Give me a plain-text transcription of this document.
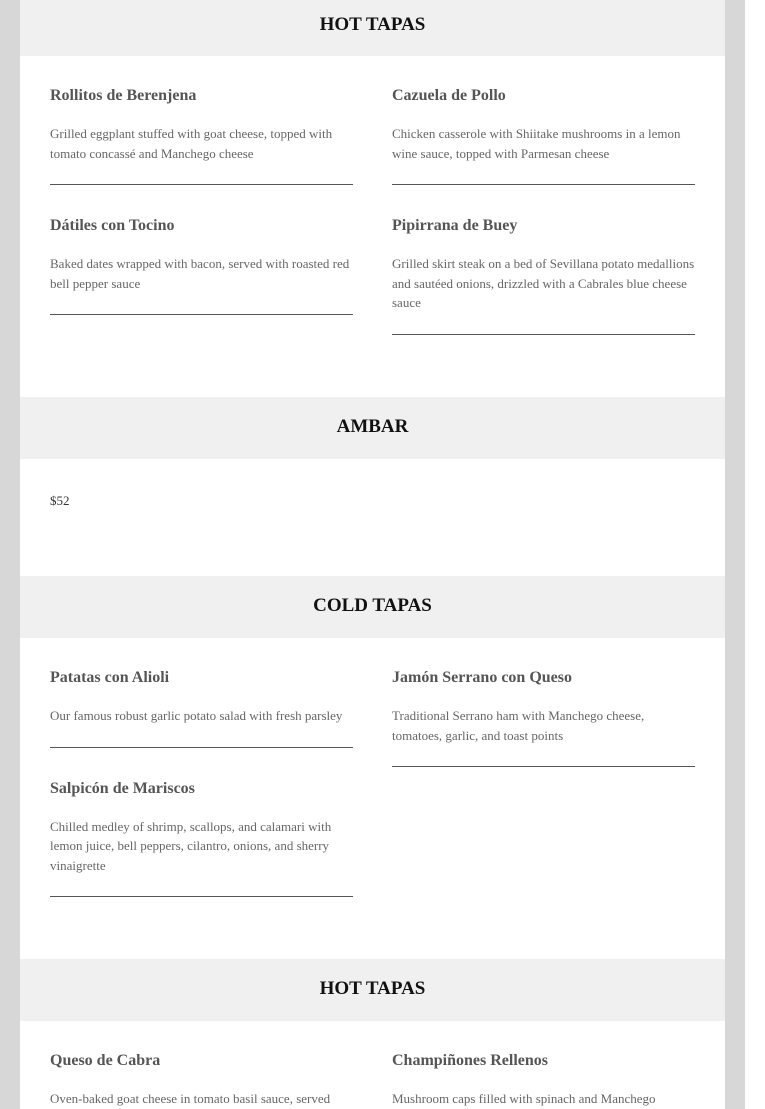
HOT TAPAS
Rollitos de Berenjena
Grilled eggplant stuffed with goat cheese, topped with tomato concassé and Manchego cheese
Dátiles con Tocino
Baked dates wrapped with bacon, served with roasted red bell pepper sauce
Cazuela de Pollo
Chicken casserole with Shiitake mushrooms in a lemon wine sauce, topped with Parmesan cheese
Pipirrana de Buey
Grilled skirt steak on a bed of Sevillana potato medallions and sautéed onions, drizzled with a Cabrales blue cheese sauce
AMBAR
$52
COLD TAPAS
Patatas con Alioli
Our famous robust garlic potato salad with fresh parsley
Salpicón de Mariscos
Chilled medley of shrimp, scallops, and calamari with lemon juice, bell peppers, cilantro, onions, and sherry vinaigrette
Jamón Serrano con Queso
Traditional Serrano ham with Manchego cheese, tomatoes, garlic, and toast points
HOT TAPAS
Queso de Cabra
Oven-baked goat cheese in tomato basil sauce, served
Champiñones Rellenos
Mushroom caps filled with spinach and Manchego
